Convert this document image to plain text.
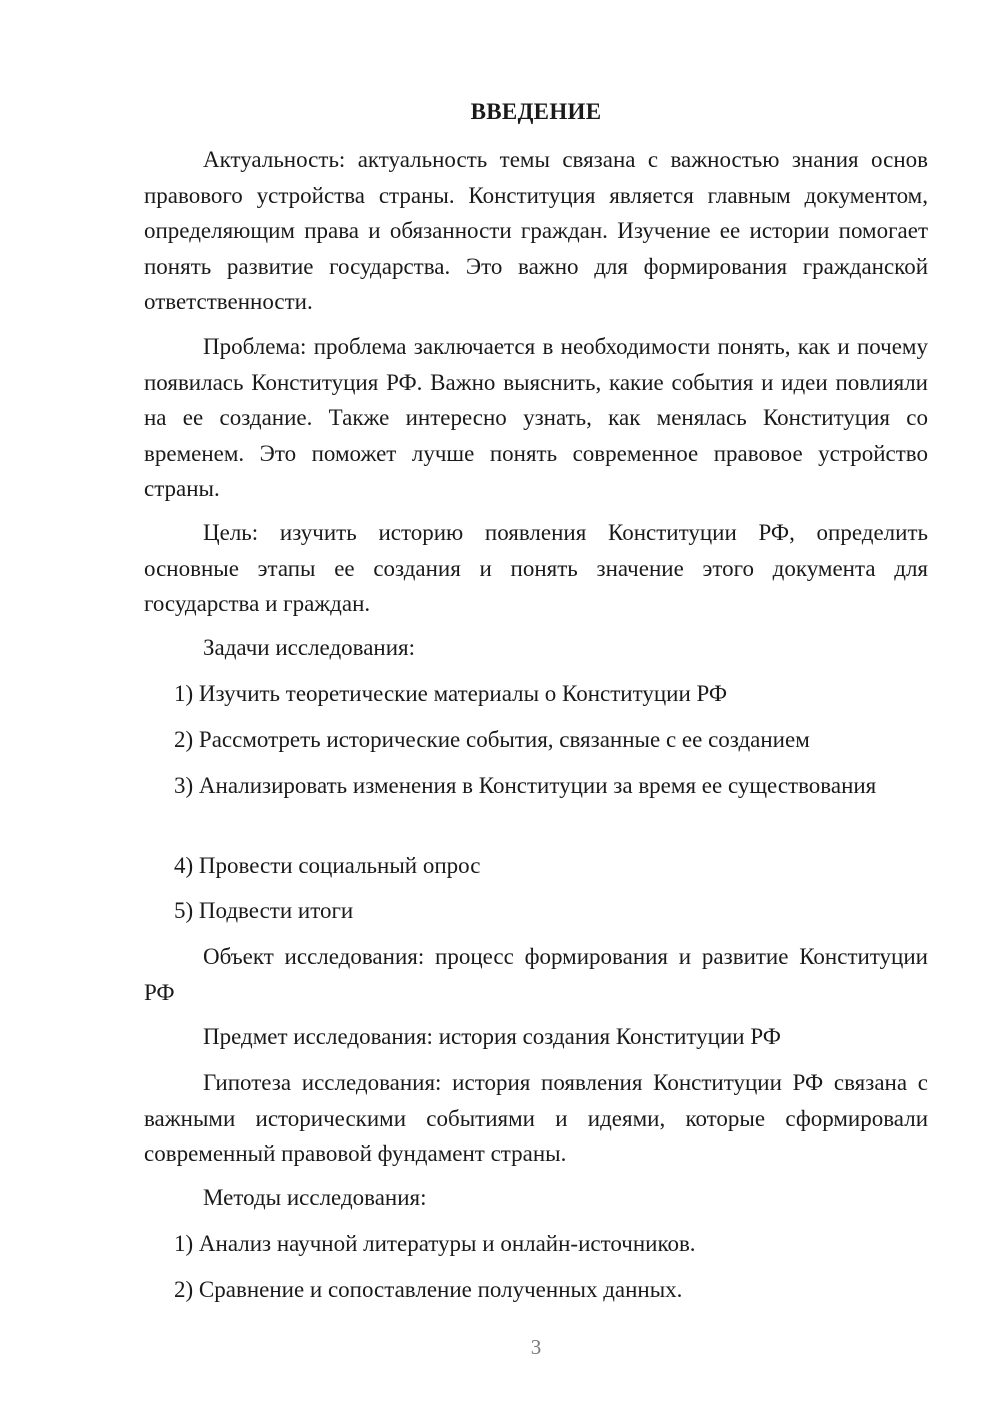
ВВЕДЕНИЕ

Актуальность: актуальность темы связана с важностью знания основ правового устройства страны. Конституция является главным документом, определяющим права и обязанности граждан. Изучение ее истории помогает понять развитие государства. Это важно для формирования гражданской ответственности.

Проблема: проблема заключается в необходимости понять, как и почему появилась Конституция РФ. Важно выяснить, какие события и идеи повлияли на ее создание. Также интересно узнать, как менялась Конституция со временем. Это поможет лучше понять современное правовое устройство страны.

Цель: изучить историю появления Конституции РФ, определить основные этапы ее создания и понять значение этого документа для государства и граждан.

Задачи исследования:

1) Изучить теоретические материалы о Конституции РФ

2) Рассмотреть исторические события, связанные с ее созданием

3) Анализировать изменения в Конституции за время ее существования

4) Провести социальный опрос

5) Подвести итоги

Объект исследования: процесс формирования и развитие Конституции РФ

Предмет исследования: история создания Конституции РФ

Гипотеза исследования: история появления Конституции РФ связана с важными историческими событиями и идеями, которые сформировали современный правовой фундамент страны.

Методы исследования:

1) Анализ научной литературы и онлайн-источников.

2) Сравнение и сопоставление полученных данных.

3
